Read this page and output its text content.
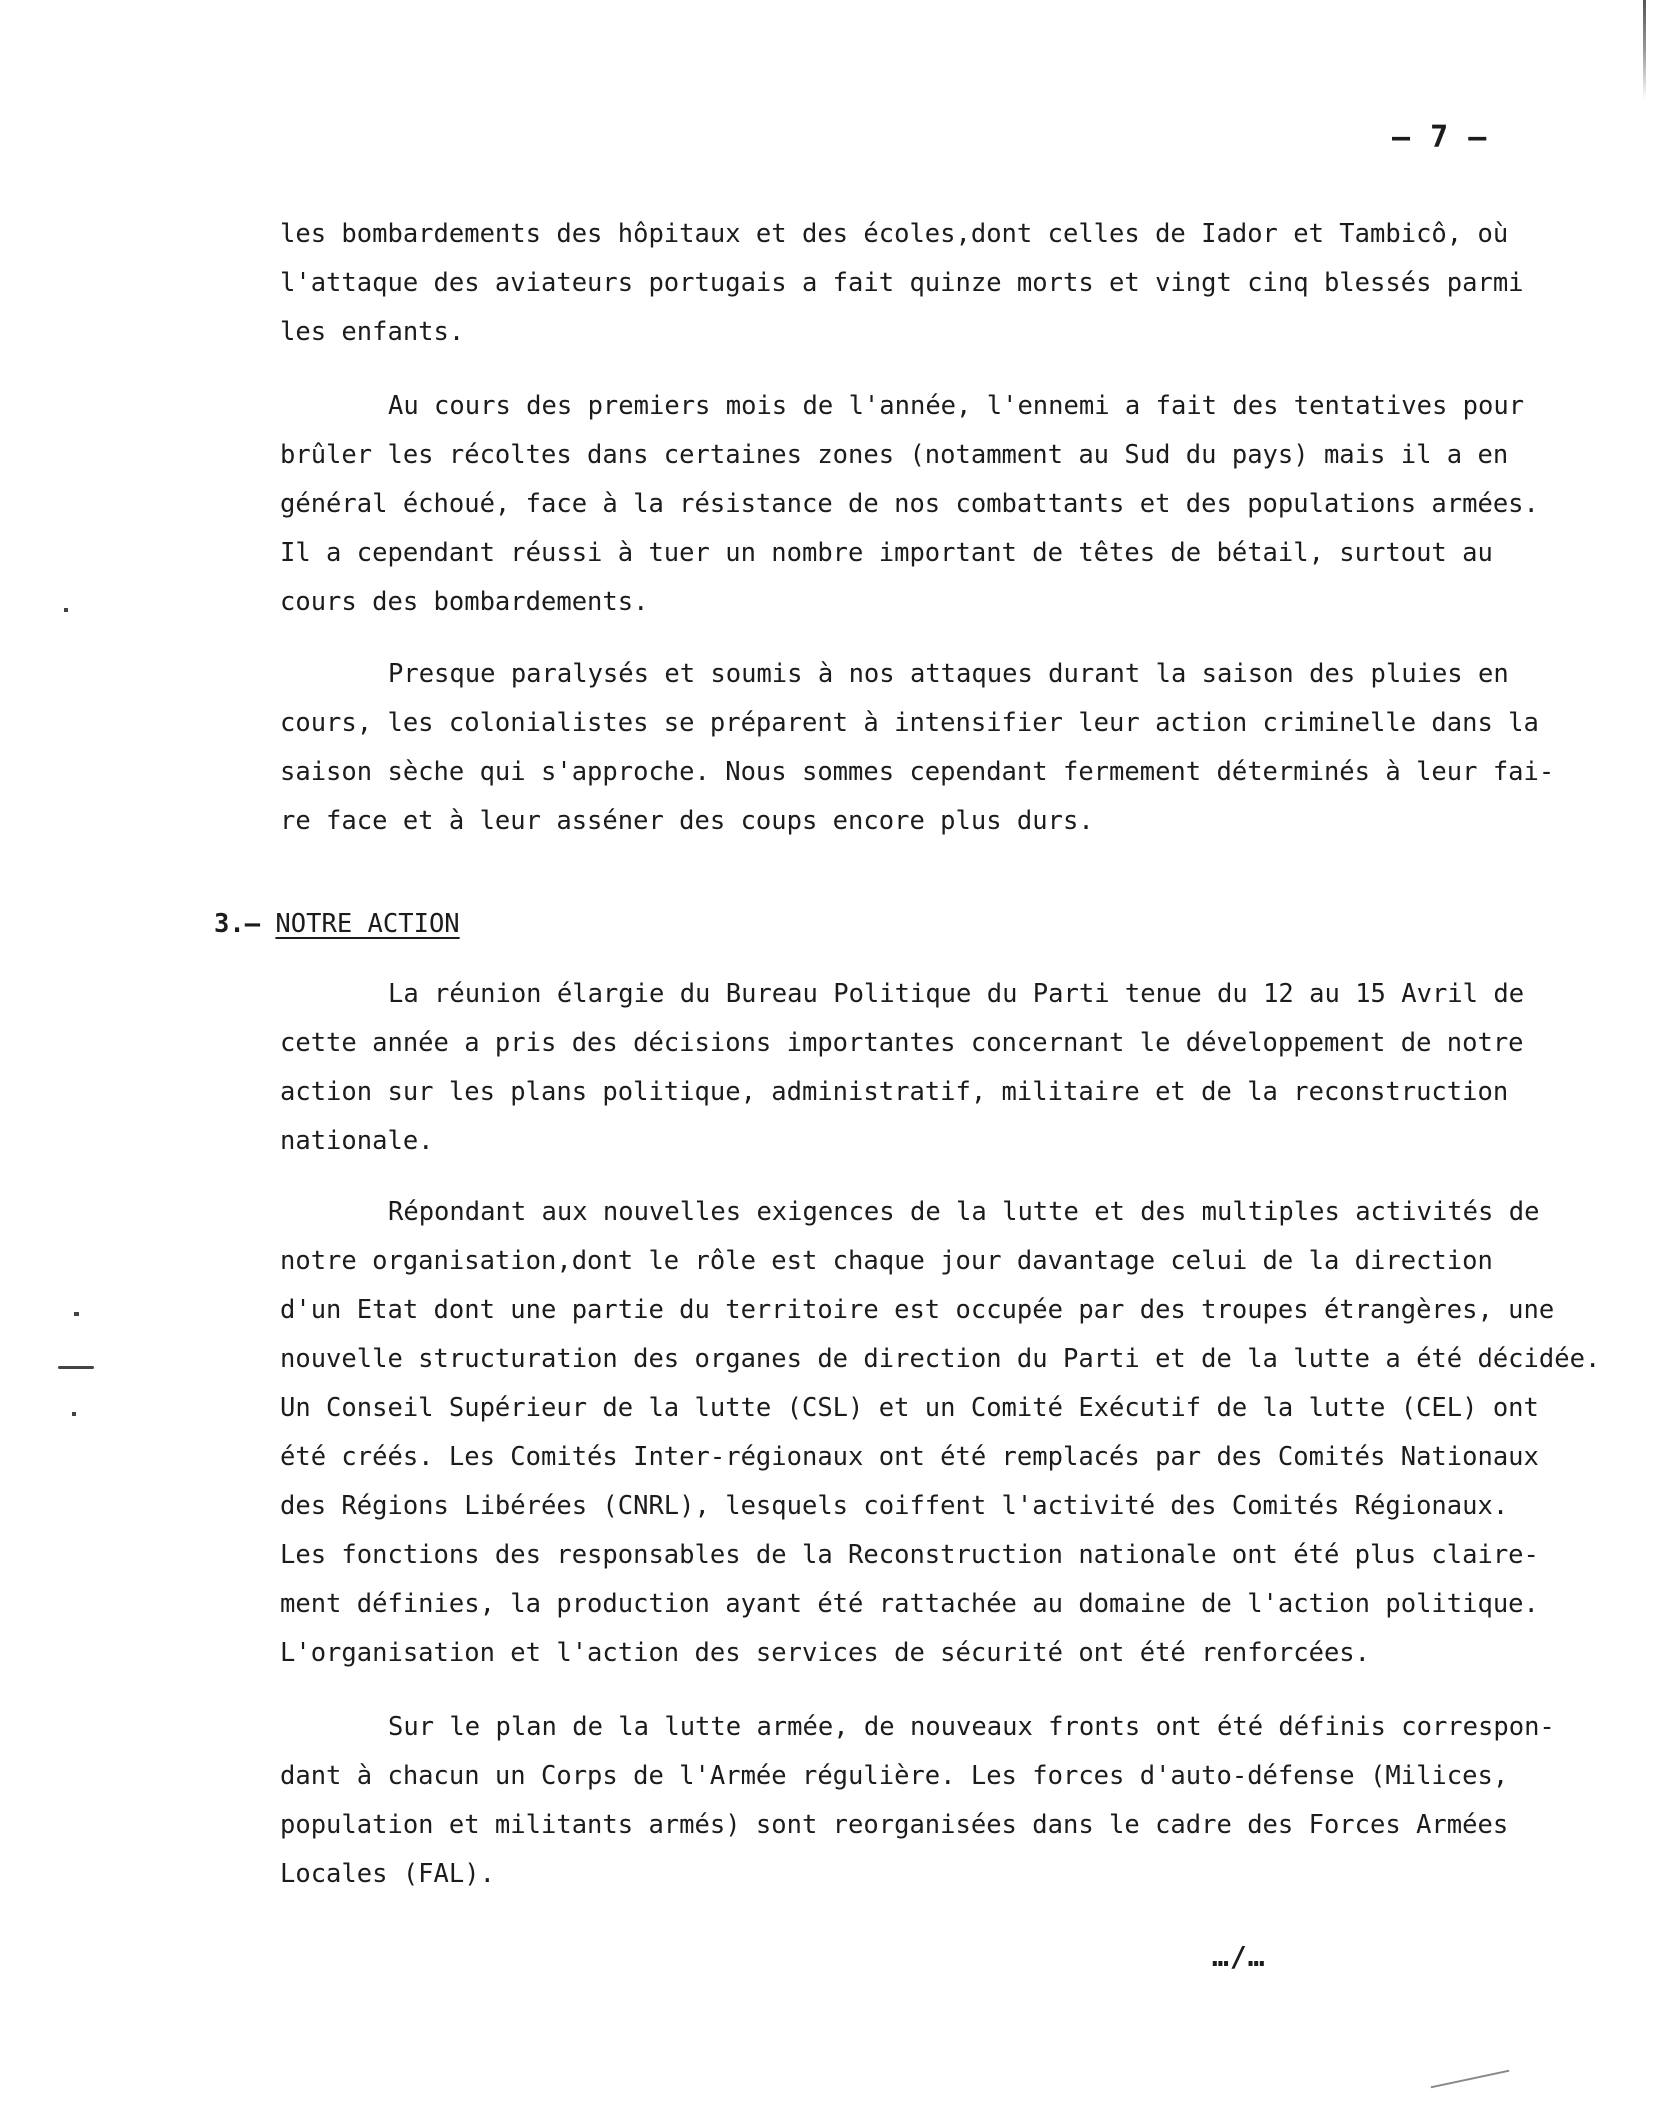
– 7 –
les bombardements des hôpitaux et des écoles,dont celles de Iador et Tambicô, où
l'attaque des aviateurs portugais a fait quinze morts et vingt cinq blessés parmi
les enfants.
Au cours des premiers mois de l'année, l'ennemi a fait des tentatives pour
brûler les récoltes dans certaines zones (notamment au Sud du pays) mais il a en
général échoué, face à la résistance de nos combattants et des populations armées.
Il a cependant réussi à tuer un nombre important de têtes de bétail, surtout au
cours des bombardements.
Presque paralysés et soumis à nos attaques durant la saison des pluies en
cours, les colonialistes se préparent à intensifier leur action criminelle dans la
saison sèche qui s'approche. Nous sommes cependant fermement déterminés à leur fai-
re face et à leur asséner des coups encore plus durs.
3.– NOTRE ACTION
La réunion élargie du Bureau Politique du Parti tenue du 12 au 15 Avril de
cette année a pris des décisions importantes concernant le développement de notre
action sur les plans politique, administratif, militaire et de la reconstruction
nationale.
Répondant aux nouvelles exigences de la lutte et des multiples activités de
notre organisation,dont le rôle est chaque jour davantage celui de la direction
d'un Etat dont une partie du territoire est occupée par des troupes étrangères, une
nouvelle structuration des organes de direction du Parti et de la lutte a été décidée.
Un Conseil Supérieur de la lutte (CSL) et un Comité Exécutif de la lutte (CEL) ont
été créés. Les Comités Inter-régionaux ont été remplacés par des Comités Nationaux
des Régions Libérées (CNRL), lesquels coiffent l'activité des Comités Régionaux.
Les fonctions des responsables de la Reconstruction nationale ont été plus claire-
ment définies, la production ayant été rattachée au domaine de l'action politique.
L'organisation et l'action des services de sécurité ont été renforcées.
Sur le plan de la lutte armée, de nouveaux fronts ont été définis correspon-
dant à chacun un Corps de l'Armée régulière. Les forces d'auto-défense (Milices,
population et militants armés) sont reorganisées dans le cadre des Forces Armées
Locales (FAL).
…/…
